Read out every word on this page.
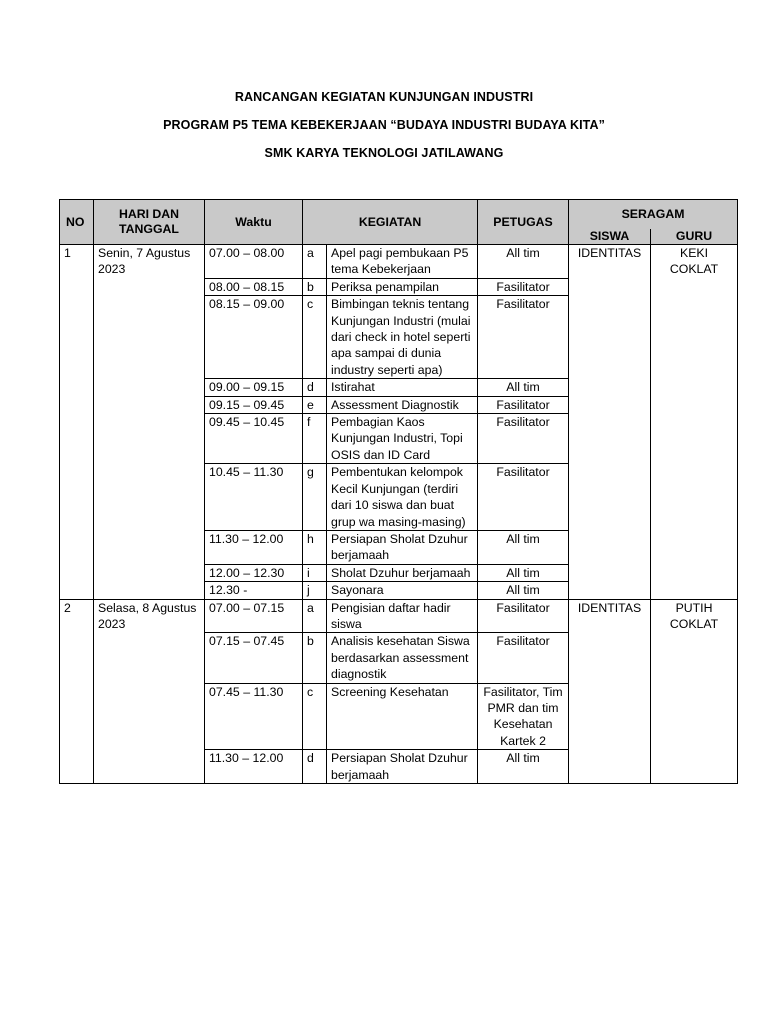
RANCANGAN KEGIATAN KUNJUNGAN INDUSTRI
PROGRAM P5 TEMA KEBEKERJAAN “BUDAYA INDUSTRI BUDAYA KITA”
SMK KARYA TEKNOLOGI JATILAWANG
NO	HARI DAN TANGGAL	Waktu	KEGIATAN		PETUGAS	SERAGAM	
						SISWA	GURU
1	Senin, 7 Agustus 2023	07.00 – 08.00	a	Apel pagi pembukaan P5 tema Kebekerjaan	All tim	IDENTITAS	KEKI COKLAT
		08.00 – 08.15	b	Periksa penampilan	Fasilitator		
		08.15 – 09.00	c	Bimbingan teknis tentang Kunjungan Industri (mulai dari check in hotel seperti apa sampai di dunia industry seperti apa)	Fasilitator		
		09.00 – 09.15	d	Istirahat	All tim		
		09.15 – 09.45	e	Assessment Diagnostik	Fasilitator		
		09.45 – 10.45	f	Pembagian Kaos Kunjungan Industri, Topi OSIS dan ID Card	Fasilitator		
		10.45 – 11.30	g	Pembentukan kelompok Kecil Kunjungan (terdiri dari 10 siswa dan buat grup wa masing-masing)	Fasilitator		
		11.30 – 12.00	h	Persiapan Sholat Dzuhur berjamaah	All tim		
		12.00 – 12.30	i	Sholat Dzuhur berjamaah	All tim		
		12.30 -	j	Sayonara	All tim		
2	Selasa, 8 Agustus 2023	07.00 – 07.15	a	Pengisian daftar hadir siswa	Fasilitator	IDENTITAS	PUTIH COKLAT
		07.15 – 07.45	b	Analisis kesehatan Siswa berdasarkan assessment diagnostik	Fasilitator		
		07.45 – 11.30	c	Screening Kesehatan	Fasilitator, Tim PMR dan tim Kesehatan Kartek 2		
		11.30 – 12.00	d	Persiapan Sholat Dzuhur berjamaah	All tim		
